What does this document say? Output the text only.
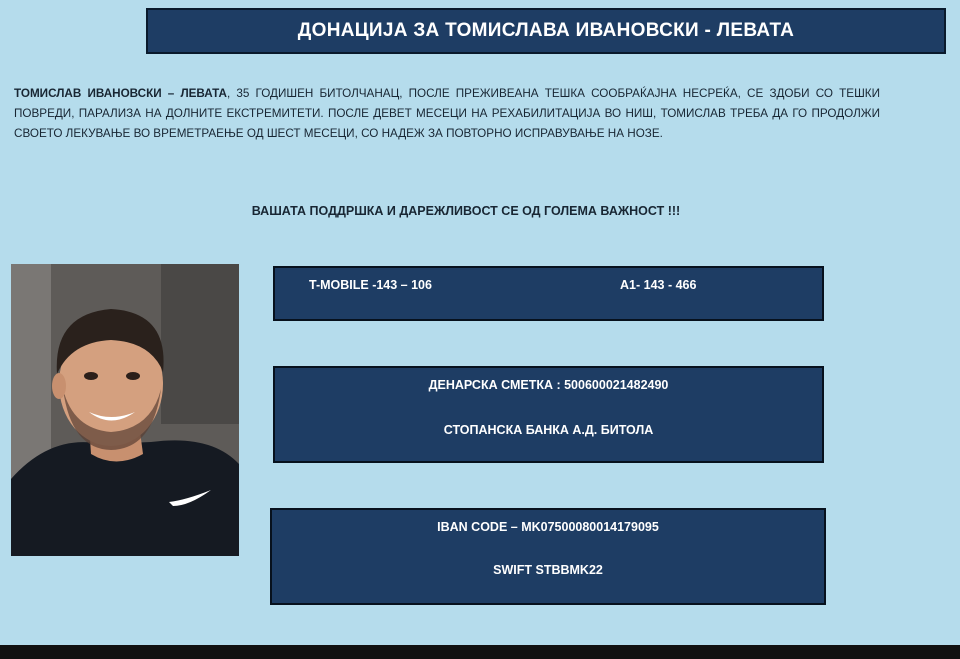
ДОНАЦИЈА ЗА ТОМИСЛАВА ИВАНОВСКИ - ЛЕВАТА

ТОМИСЛАВ ИВАНОВСКИ – ЛЕВАТА, 35 ГОДИШЕН БИТОЛЧАНАЦ, ПОСЛЕ ПРЕЖИВЕАНА ТЕШКА СООБРАЌАЈНА НЕСРЕЌА, СЕ ЗДОБИ СО ТЕШКИ ПОВРЕДИ, ПАРАЛИЗА НА ДОЛНИТЕ ЕКСТРЕМИТЕТИ. ПОСЛЕ ДЕВЕТ МЕСЕЦИ НА РЕХАБИЛИТАЦИЈА ВО НИШ, ТОМИСЛАВ ТРЕБА ДА ГО ПРОДОЛЖИ СВОЕТО ЛЕКУВАЊЕ ВО ВРЕМЕТРАЕЊЕ ОД ШЕСТ МЕСЕЦИ, СО НАДЕЖ ЗА ПОВТОРНО ИСПРАВУВАЊЕ НА НОЗЕ.

ВАШАТА ПОДДРШКА И ДАРЕЖЛИВОСТ СЕ ОД ГОЛЕМА ВАЖНОСТ !!!
T-MOBILE -143 – 106	A1- 143 - 466
ДЕНАРСКА СМЕТКА : 500600021482490
СТОПАНСКА БАНКА А.Д. БИТОЛА
IBAN CODE – MK07500080014179095
SWIFT STBBMK22
